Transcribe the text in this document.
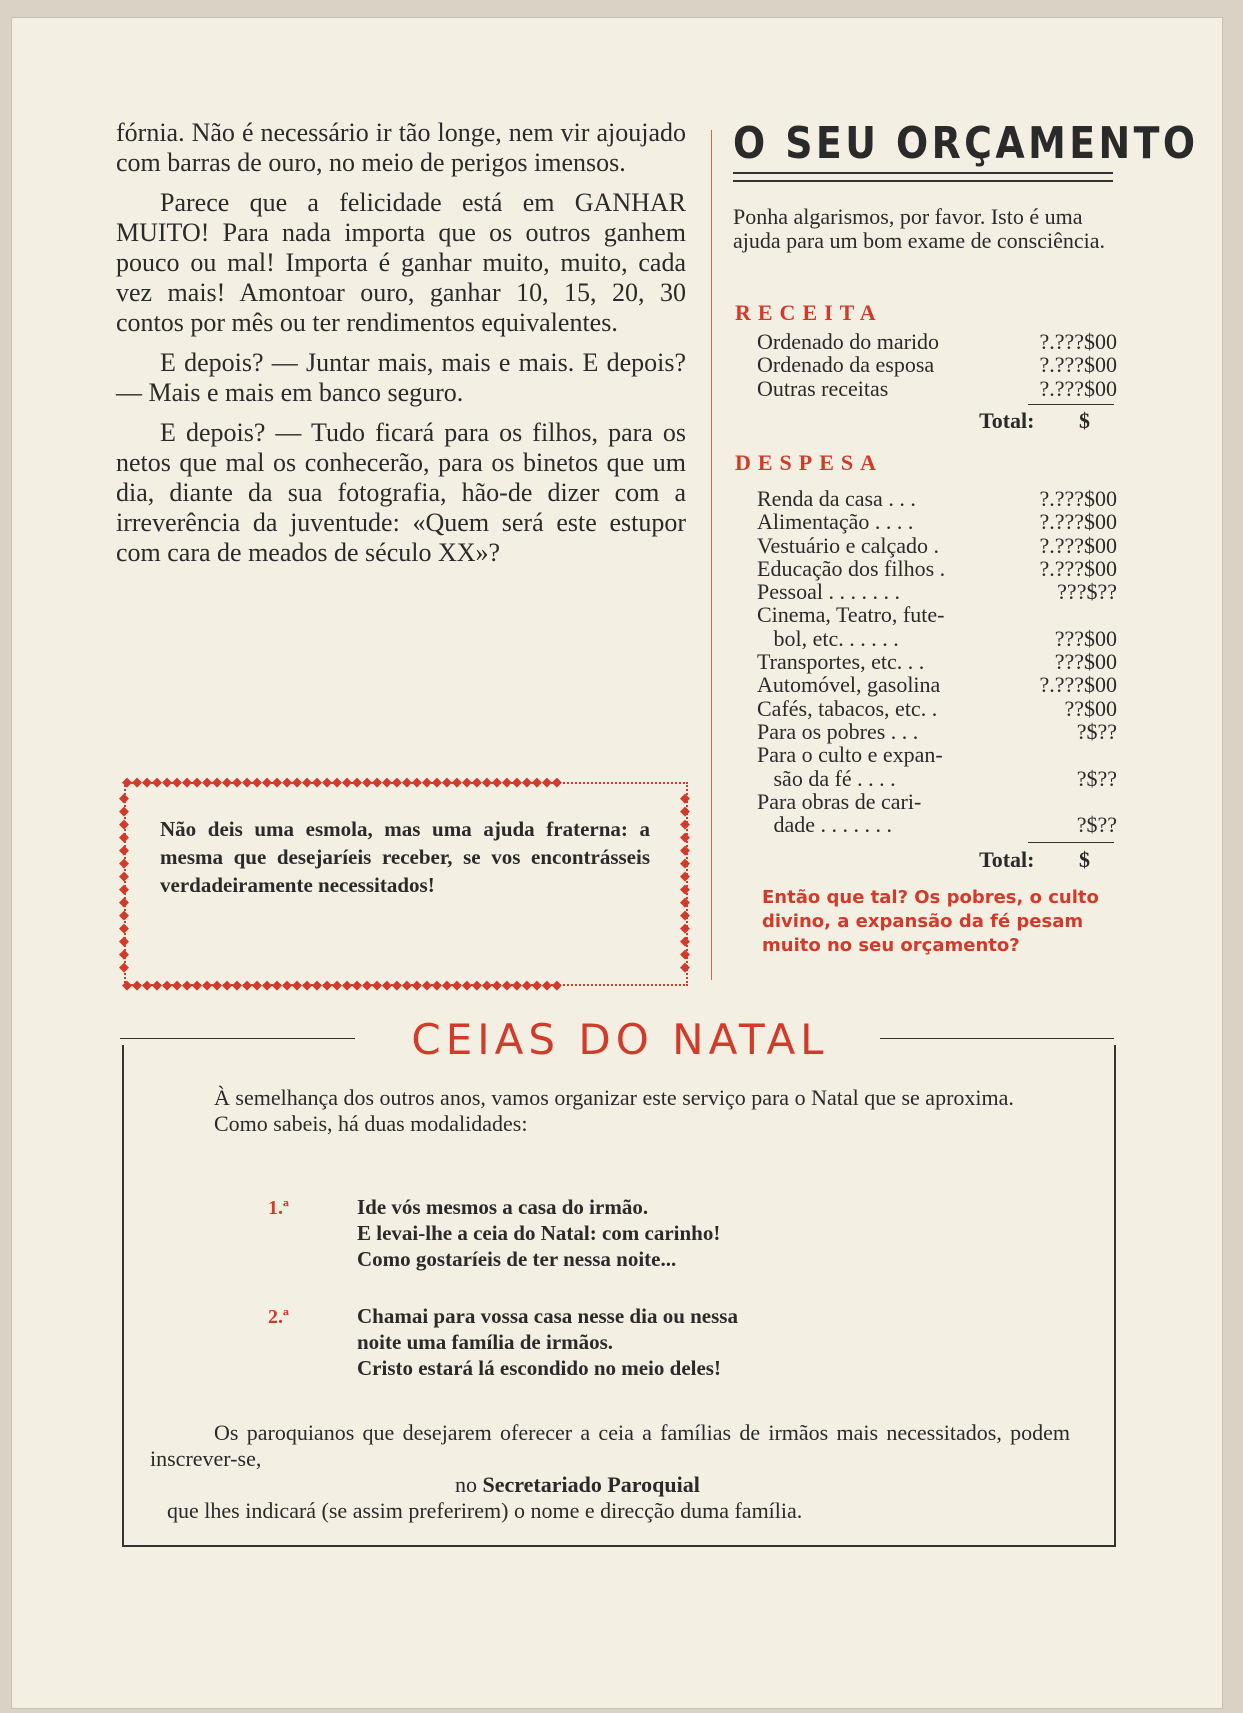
fórnia. Não é necessário ir tão longe, nem vir ajoujado com barras de ouro, no meio de perigos imensos.

Parece que a felicidade está em GANHAR MUITO! Para nada importa que os outros ganhem pouco ou mal! Importa é ganhar muito, muito, cada vez mais! Amontoar ouro, ganhar 10, 15, 20, 30 contos por mês ou ter rendimentos equivalentes.

E depois? — Juntar mais, mais e mais. E depois? — Mais e mais em banco seguro.

E depois? — Tudo ficará para os filhos, para os netos que mal os conhecerão, para os binetos que um dia, diante da sua fotografia, hão-de dizer com a irreverência da juventude: «Quem será este estupor com cara de meados de século XX»?

◆◆◆◆◆◆◆◆◆◆◆◆◆◆◆◆◆◆◆◆◆◆◆◆◆◆◆◆◆◆◆◆◆◆◆◆◆◆◆◆◆◆◆◆
◆◆◆◆◆◆◆◆◆◆◆◆◆◆◆◆◆◆◆◆◆◆◆◆◆◆◆◆◆◆◆◆◆◆◆◆◆◆◆◆◆◆◆◆
◆ ◆ ◆ ◆ ◆ ◆ ◆ ◆ ◆ ◆ ◆ ◆ ◆ ◆
◆ ◆ ◆ ◆ ◆ ◆ ◆ ◆ ◆ ◆ ◆ ◆ ◆ ◆
Não deis uma esmola, mas uma ajuda fraterna: a mesma que desejaríeis receber, se vos encontrásseis verdadeiramente necessitados!
O SEU ORÇAMENTO
Ponha algarismos, por favor. Isto é uma ajuda para um bom exame de consciência.
RECEITA
Ordenado do marido	?.???$00
Ordenado da esposa	?.???$00
Outras receitas	?.???$00
Total: $
DESPESA
Renda da casa . . .	?.???$00
Alimentação . . . .	?.???$00
Vestuário e calçado .	?.???$00
Educação dos filhos .	?.???$00
Pessoal . . . . . . .	???$??
Cinema, Teatro, fute-
bol, etc. . . . . .	???$00
Transportes, etc. . .	???$00
Automóvel, gasolina	?.???$00
Cafés, tabacos, etc. .	??$00
Para os pobres . . .	?$??
Para o culto e expan-
são da fé . . . .	?$??
Para obras de cari-
dade . . . . . . .	?$??
Total: $
Então que tal? Os pobres, o culto divino, a expansão da fé pesam muito no seu orçamento?
CEIAS DO NATAL
À semelhança dos outros anos, vamos organizar este serviço para o Natal que se aproxima.
Como sabeis, há duas modalidades:
1.ª	Ide vós mesmos a casa do irmão.
E levai-lhe a ceia do Natal: com carinho!
Como gostaríeis de ter nessa noite...
2.ª	Chamai para vossa casa nesse dia ou nessa
noite uma família de irmãos.
Cristo estará lá escondido no meio deles!
Os paroquianos que desejarem oferecer a ceia a famílias de irmãos mais necessitados, podem inscrever-se,
no Secretariado Paroquial
que lhes indicará (se assim preferirem) o nome e direcção duma família.
